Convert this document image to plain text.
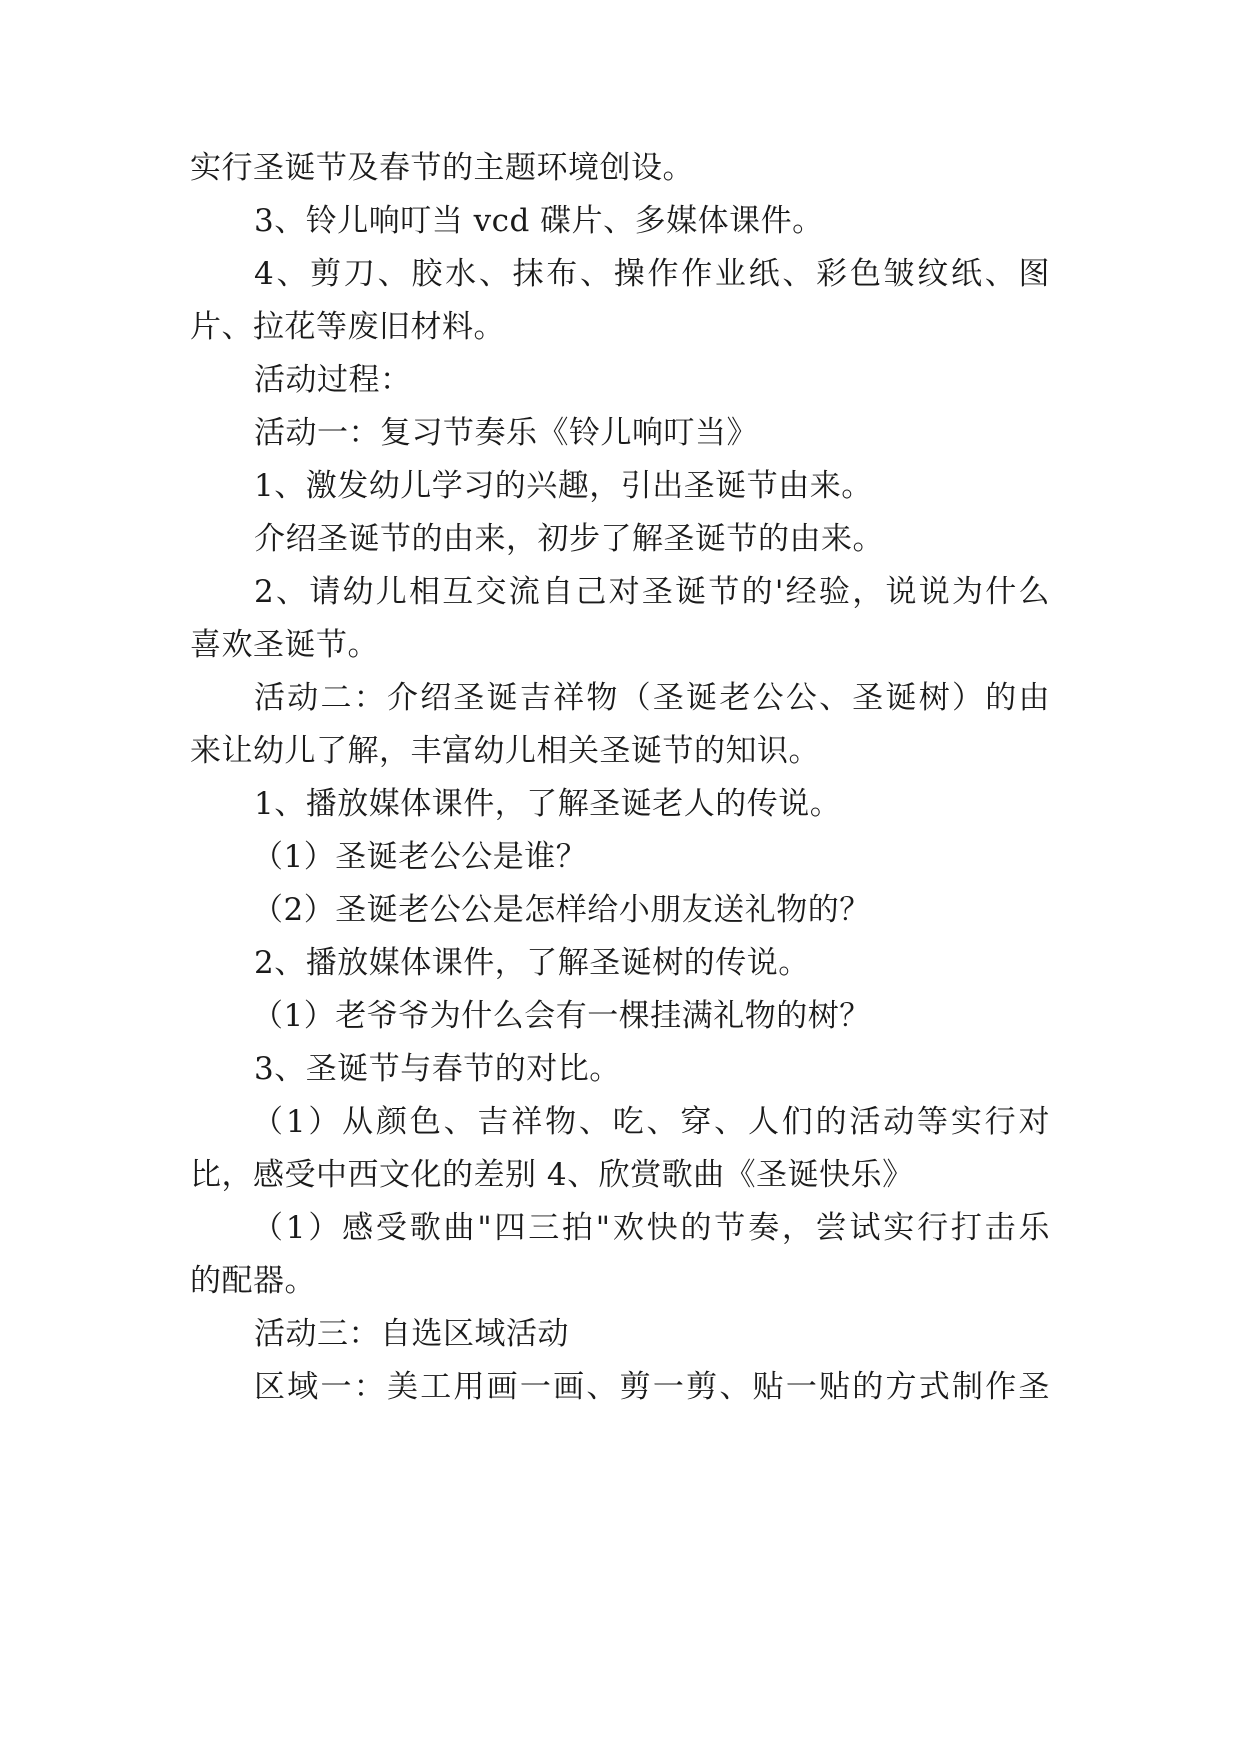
实行圣诞节及春节的主题环境创设。
3、铃儿响叮当 vcd 碟片、多媒体课件。
4、剪刀、胶水、抹布、操作作业纸、彩色皱纹纸、图
片、拉花等废旧材料。
活动过程：
活动一：复习节奏乐《铃儿响叮当》
1、激发幼儿学习的兴趣，引出圣诞节由来。
介绍圣诞节的由来，初步了解圣诞节的由来。
2、请幼儿相互交流自己对圣诞节的'经验，说说为什么
喜欢圣诞节。
活动二：介绍圣诞吉祥物（圣诞老公公、圣诞树）的由
来让幼儿了解，丰富幼儿相关圣诞节的知识。
1、播放媒体课件，了解圣诞老人的传说。
（1）圣诞老公公是谁？
（2）圣诞老公公是怎样给小朋友送礼物的？
2、播放媒体课件，了解圣诞树的传说。
（1）老爷爷为什么会有一棵挂满礼物的树？
3、圣诞节与春节的对比。
（1）从颜色、吉祥物、吃、穿、人们的活动等实行对
比，感受中西文化的差别 4、欣赏歌曲《圣诞快乐》
（1）感受歌曲"四三拍"欢快的节奏，尝试实行打击乐
的配器。
活动三：自选区域活动
区域一：美工用画一画、剪一剪、贴一贴的方式制作圣
